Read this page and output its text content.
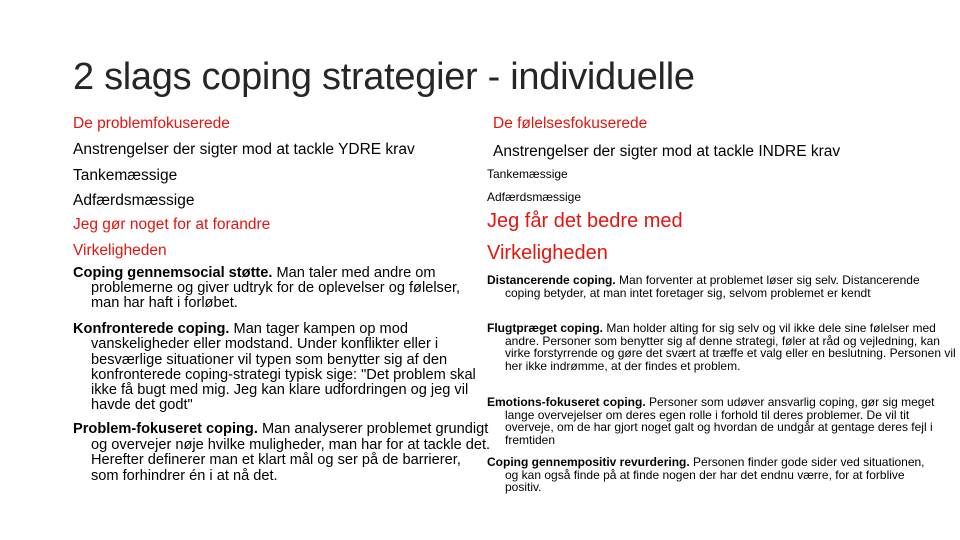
2 slags coping strategier - individuelle
De problemfokuserede
Anstrengelser der sigter mod at tackle YDRE krav
Tankemæssige
Adfærdsmæssige
Jeg gør noget for at forandre
Virkeligheden
Coping gennemsocial støtte. Man taler med andre om problemerne og giver udtryk for de oplevelser og følelser, man har haft i forløbet.
Konfronterede coping. Man tager kampen op mod vanskeligheder eller modstand. Under konflikter eller i besværlige situationer vil typen som benytter sig af den konfronterede coping-strategi typisk sige: "Det problem skal ikke få bugt med mig. Jeg kan klare udfordringen og jeg vil havde det godt"
Problem-fokuseret coping. Man analyserer problemet grundigt og overvejer nøje hvilke muligheder, man har for at tackle det. Herefter definerer man et klart mål og ser på de barrierer, som forhindrer én i at nå det.
De følelsesfokuserede
Anstrengelser der sigter mod at tackle INDRE krav
Tankemæssige
Adfærdsmæssige
Jeg får det bedre med
Virkeligheden
Distancerende coping. Man forventer at problemet løser sig selv. Distancerende coping betyder, at man intet foretager sig, selvom problemet er kendt
Flugtpræget coping. Man holder alting for sig selv og vil ikke dele sine følelser med andre. Personer som benytter sig af denne strategi, føler at råd og vejledning, kan virke forstyrrende og gøre det svært at træffe et valg eller en beslutning. Personen vil her ikke indrømme, at der findes et problem.
Emotions-fokuseret coping. Personer som udøver ansvarlig coping, gør sig meget lange overvejelser om deres egen rolle i forhold til deres problemer. De vil tit overveje, om de har gjort noget galt og hvordan de undgår at gentage deres fejl i fremtiden
Coping gennempositiv revurdering. Personen finder gode sider ved situationen, og kan også finde på at finde nogen der har det endnu værre, for at forblive positiv.
